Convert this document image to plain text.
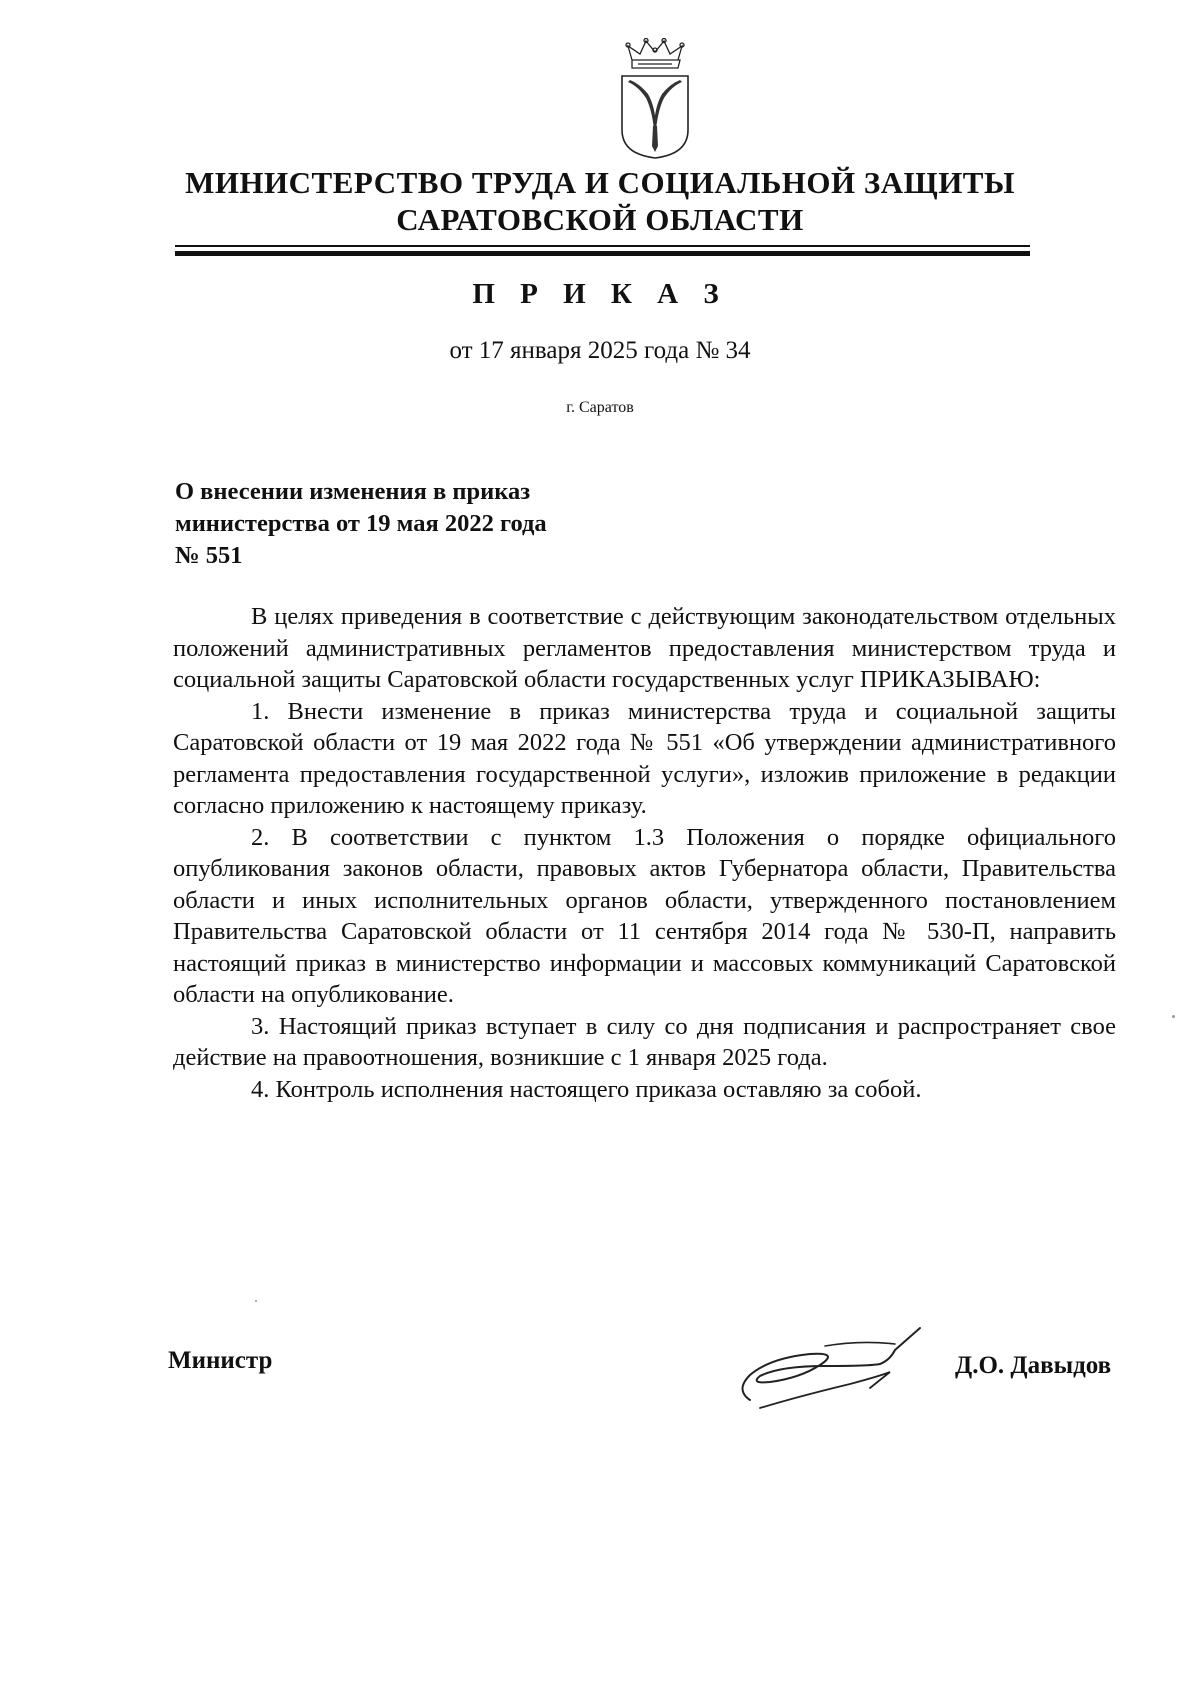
МИНИСТЕРСТВО ТРУДА И СОЦИАЛЬНОЙ ЗАЩИТЫ
САРАТОВСКОЙ ОБЛАСТИ
П Р И К А З
от 17 января 2025 года № 34
г. Саратов
О внесении изменения в приказ
министерства от 19 мая 2022 года
№ 551

В целях приведения в соответствие с действующим законодательством отдельных положений административных регламентов предоставления министерством труда и социальной защиты Саратовской области государственных услуг ПРИКАЗЫВАЮ:

1. Внести изменение в приказ министерства труда и социальной защиты Саратовской области от 19 мая 2022 года № 551 «Об утверждении административного регламента предоставления государственной услуги», изложив приложение в редакции согласно приложению к настоящему приказу.

2. В соответствии с пунктом 1.3 Положения о порядке официального опубликования законов области, правовых актов Губернатора области, Правительства области и иных исполнительных органов области, утвержденного постановлением Правительства Саратовской области от 11 сентября 2014 года № 530-П, направить настоящий приказ в министерство информации и массовых коммуникаций Саратовской области на опубликование.

3. Настоящий приказ вступает в силу со дня подписания и распространяет свое действие на правоотношения, возникшие с 1 января 2025 года.

4. Контроль исполнения настоящего приказа оставляю за собой.

Министр	Д.О. Давыдов
